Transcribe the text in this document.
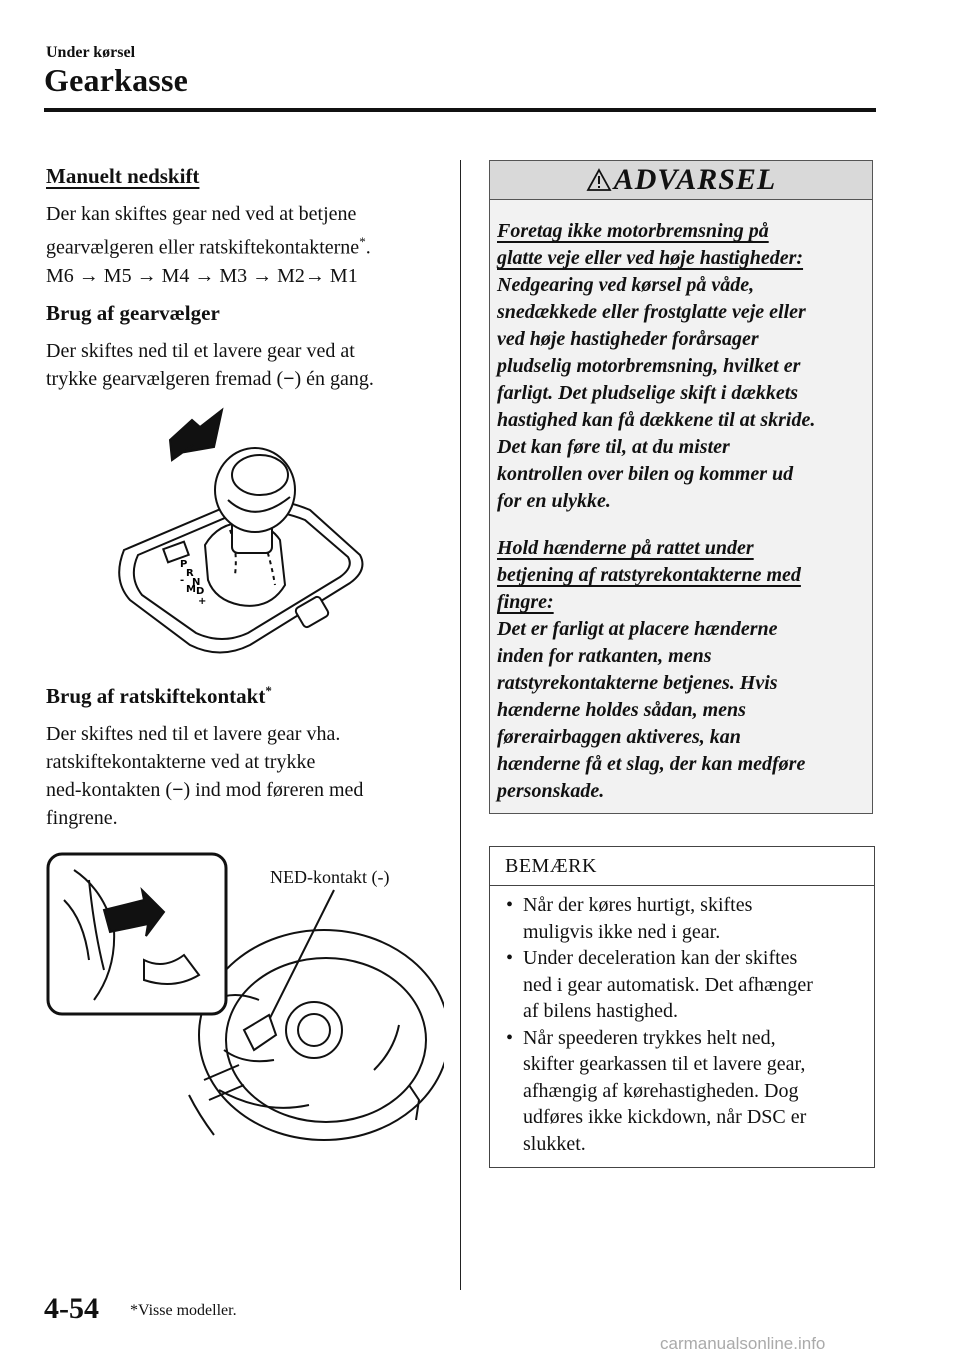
Under kørsel
Gearkasse

Manuelt nedskift

Der kan skiftes gear ned ved at betjene

gearvælgeren eller ratskiftekontakterne*.

M6 → M5 → M4 → M3 → M2→ M1

Brug af gearvælger

Der skiftes ned til et lavere gear ved at

trykke gearvælgeren fremad (−) én gang.

P
R
N
D
M
-
+

Brug af ratskiftekontakt*

Der skiftes ned til et lavere gear vha.

ratskiftekontakterne ved at trykke

ned-kontakten (−) ind mod føreren med

fingrene.

NED-kontakt (-)
ADVARSEL

Foretag ikke motorbremsning på

glatte veje eller ved høje hastigheder:

Nedgearing ved kørsel på våde,

snedækkede eller frostglatte veje eller

ved høje hastigheder forårsager

pludselig motorbremsning, hvilket er

farligt. Det pludselige skift i dækkets

hastighed kan få dækkene til at skride.

Det kan føre til, at du mister

kontrollen over bilen og kommer ud

for en ulykke.

Hold hænderne på rattet under

betjening af ratstyrekontakterne med

fingre:

Det er farligt at placere hænderne

inden for ratkanten, mens

ratstyrekontakterne betjenes. Hvis

hænderne holdes sådan, mens

førerairbaggen aktiveres, kan

hænderne få et slag, der kan medføre

personskade.

BEMÆRK
• Når der køres hurtigt, skiftes

muligvis ikke ned i gear.

• Under deceleration kan der skiftes

ned i gear automatisk. Det afhænger

af bilens hastighed.

• Når speederen trykkes helt ned,

skifter gearkassen til et lavere gear,

afhængig af kørehastigheden. Dog

udføres ikke kickdown, når DSC er

slukket.

4-54 *Visse modeller.
carmanualsonline.info
